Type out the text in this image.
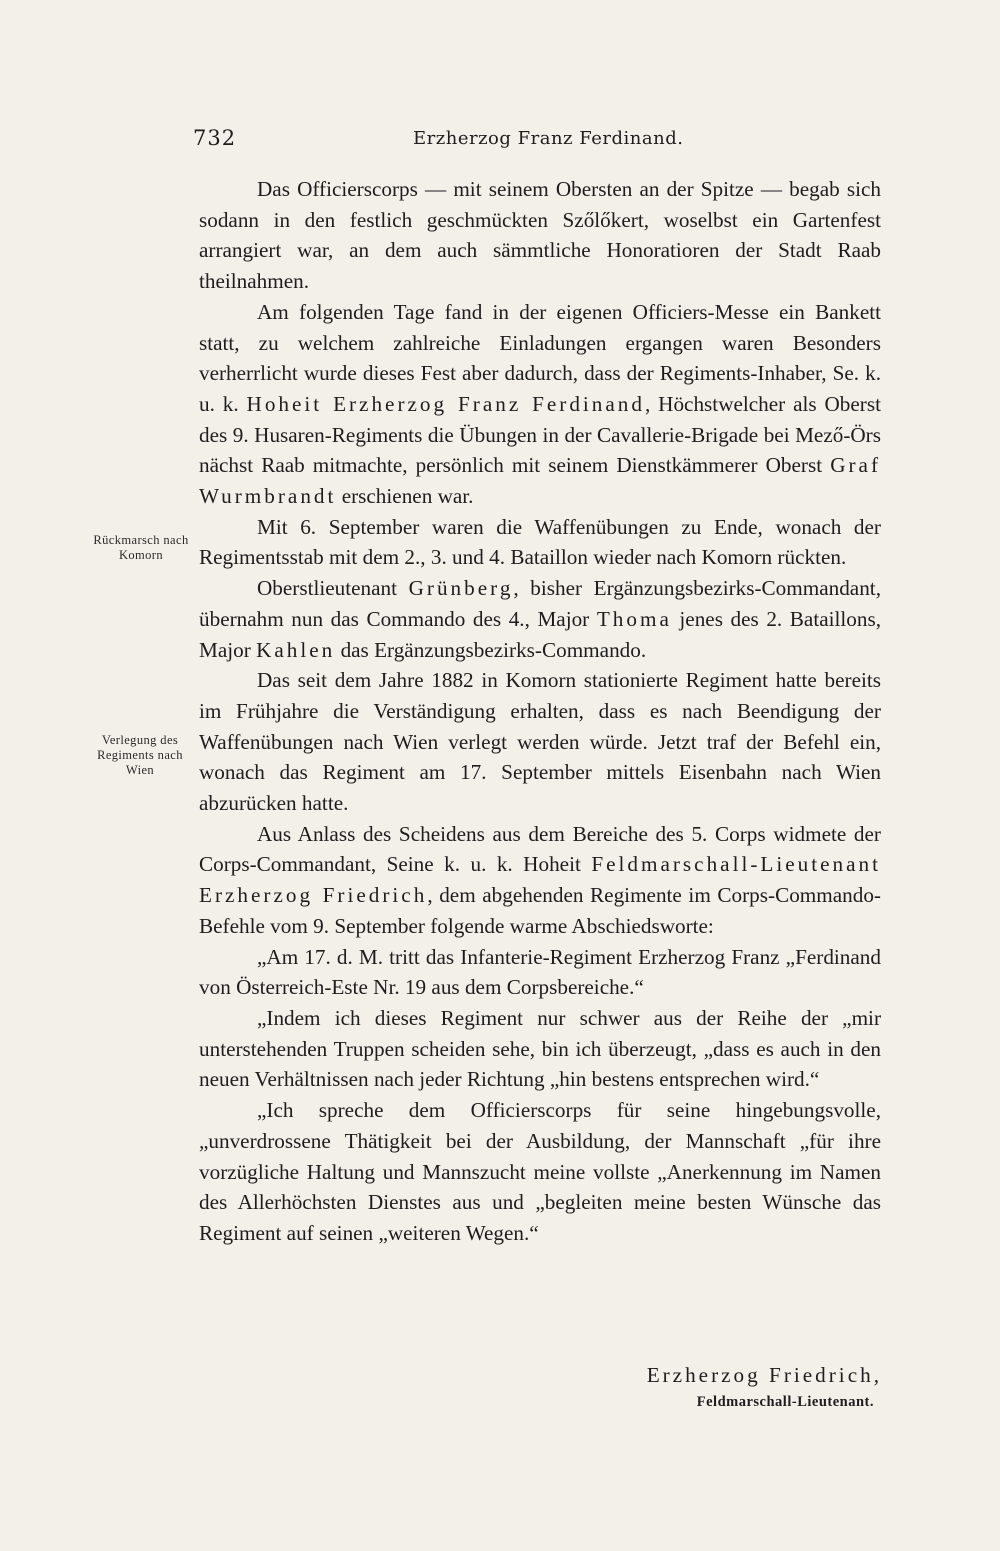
732	Erzherzog Franz Ferdinand.
Rückmarsch nach Komorn
Verlegung des Regiments nach Wien

Das Officierscorps — mit seinem Obersten an der Spitze — begab sich sodann in den festlich geschmückten Szőlőkert, woselbst ein Gartenfest arrangiert war, an dem auch sämmtliche Honoratioren der Stadt Raab theilnahmen.

Am folgenden Tage fand in der eigenen Officiers-Messe ein Bankett statt, zu welchem zahlreiche Einladungen ergangen waren Besonders verherrlicht wurde dieses Fest aber dadurch, dass der Regiments-Inhaber, Se. k. u. k. Hoheit Erzherzog Franz Ferdinand, Höchstwelcher als Oberst des 9. Husaren-Regiments die Übungen in der Cavallerie-Brigade bei Mező-Örs nächst Raab mitmachte, persönlich mit seinem Dienstkämmerer Oberst Graf Wurmbrandt erschienen war.

Mit 6. September waren die Waffenübungen zu Ende, wonach der Regimentsstab mit dem 2., 3. und 4. Bataillon wieder nach Komorn rückten.

Oberstlieutenant Grünberg, bisher Ergänzungsbezirks-Commandant, übernahm nun das Commando des 4., Major Thoma jenes des 2. Bataillons, Major Kahlen das Ergänzungsbezirks-Commando.

Das seit dem Jahre 1882 in Komorn stationierte Regiment hatte bereits im Frühjahre die Verständigung erhalten, dass es nach Beendigung der Waffenübungen nach Wien verlegt werden würde. Jetzt traf der Befehl ein, wonach das Regiment am 17. September mittels Eisenbahn nach Wien abzurücken hatte.

Aus Anlass des Scheidens aus dem Bereiche des 5. Corps widmete der Corps-Commandant, Seine k. u. k. Hoheit Feldmarschall-Lieutenant Erzherzog Friedrich, dem abgehenden Regimente im Corps-Commando-Befehle vom 9. September folgende warme Abschiedsworte:

„Am 17. d. M. tritt das Infanterie-Regiment Erzherzog Franz „Ferdinand von Österreich-Este Nr. 19 aus dem Corpsbereiche.“

„Indem ich dieses Regiment nur schwer aus der Reihe der „mir unterstehenden Truppen scheiden sehe, bin ich überzeugt, „dass es auch in den neuen Verhältnissen nach jeder Richtung „hin bestens entsprechen wird.“

„Ich spreche dem Officierscorps für seine hingebungsvolle, „unverdrossene Thätigkeit bei der Ausbildung, der Mannschaft „für ihre vorzügliche Haltung und Mannszucht meine vollste „Anerkennung im Namen des Allerhöchsten Dienstes aus und „begleiten meine besten Wünsche das Regiment auf seinen „weiteren Wegen.“

Erzherzog Friedrich,
Feldmarschall-Lieutenant.
